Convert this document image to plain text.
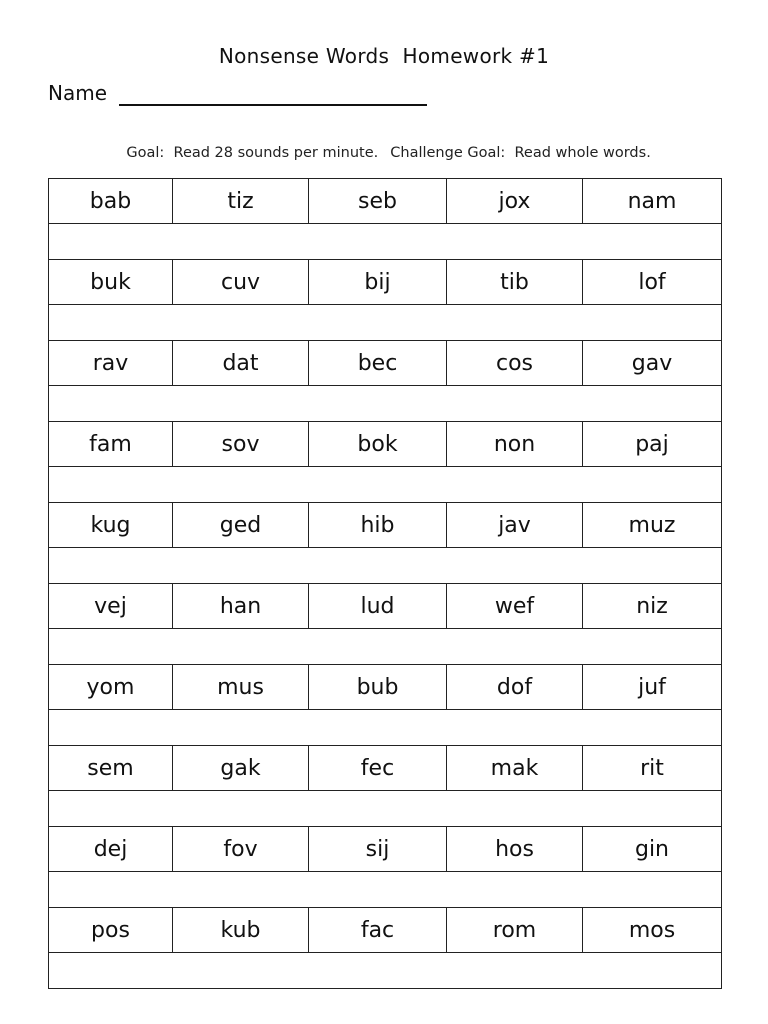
Nonsense Words  Homework #1
Name

Goal:  Read 28 sounds per minute. Challenge Goal:  Read whole words.

bab	tiz	seb	jox	nam

buk	cuv	bij	tib	lof

rav	dat	bec	cos	gav

fam	sov	bok	non	paj

kug	ged	hib	jav	muz

vej	han	lud	wef	niz

yom	mus	bub	dof	juf

sem	gak	fec	mak	rit

dej	fov	sij	hos	gin

pos	kub	fac	rom	mos
